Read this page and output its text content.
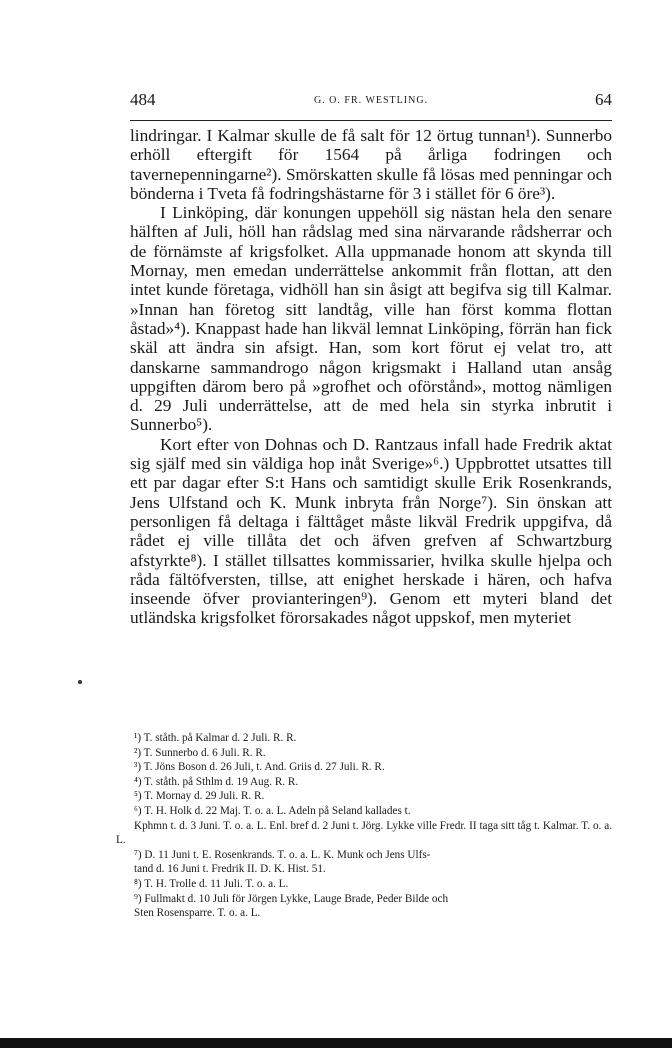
484	G. O. FR. WESTLING.	64

lindringar. I Kalmar skulle de få salt för 12 örtug tunnan¹). Sunnerbo erhöll eftergift för 1564 på årliga fodringen och tavernepenningarne²). Smörskatten skulle få lösas med penningar och bönderna i Tveta få fodringshästarne för 3 i stället för 6 öre³).

I Linköping, där konungen uppehöll sig nästan hela den senare hälften af Juli, höll han rådslag med sina närvarande rådsherrar och de förnämste af krigsfolket. Alla uppmanade honom att skynda till Mornay, men emedan underrättelse ankommit från flottan, att den intet kunde företaga, vidhöll han sin åsigt att begifva sig till Kalmar. »Innan han företog sitt landtåg, ville han först komma flottan åstad»⁴). Knappast hade han likväl lemnat Linköping, förrän han fick skäl att ändra sin afsigt. Han, som kort förut ej velat tro, att danskarne sammandrogo någon krigsmakt i Halland utan ansåg uppgiften därom bero på »grofhet och oförstånd», mottog nämligen d. 29 Juli underrättelse, att de med hela sin styrka inbrutit i Sunnerbo⁵).

Kort efter von Dohnas och D. Rantzaus infall hade Fredrik aktat sig själf med sin väldiga hop inåt Sverige»⁶.) Uppbrottet utsattes till ett par dagar efter S:t Hans och samtidigt skulle Erik Rosenkrands, Jens Ulfstand och K. Munk inbryta från Norge⁷). Sin önskan att personligen få deltaga i fälttåget måste likväl Fredrik uppgifva, då rådet ej ville tillåta det och äfven grefven af Schwartzburg afstyrkte⁸). I stället tillsattes kommissarier, hvilka skulle hjelpa och råda fältöfversten, tillse, att enighet herskade i hären, och hafva inseende öfver provianteringen⁹). Genom ett myteri bland det utländska krigsfolket förorsakades något uppskof, men myteriet

¹) T. ståth. på Kalmar d. 2 Juli. R. R.

²) T. Sunnerbo d. 6 Juli. R. R.

³) T. Jöns Boson d. 26 Juli, t. And. Griis d. 27 Juli. R. R.

⁴) T. ståth. på Sthlm d. 19 Aug. R. R.

⁵) T. Mornay d. 29 Juli. R. R.

⁶) T. H. Holk d. 22 Maj. T. o. a. L. Adeln på Seland kallades t.

Kphmn t. d. 3 Juni. T. o. a. L. Enl. bref d. 2 Juni t. Jörg. Lykke ville Fredr. II taga sitt tåg t. Kalmar. T. o. a. L.

⁷) D. 11 Juni t. E. Rosenkrands. T. o. a. L. K. Munk och Jens Ulfs-

tand d. 16 Juni t. Fredrik II. D. K. Hist. 51.

⁸) T. H. Trolle d. 11 Juli. T. o. a. L.

⁹) Fullmakt d. 10 Juli för Jörgen Lykke, Lauge Brade, Peder Bilde och

Sten Rosensparre. T. o. a. L.
